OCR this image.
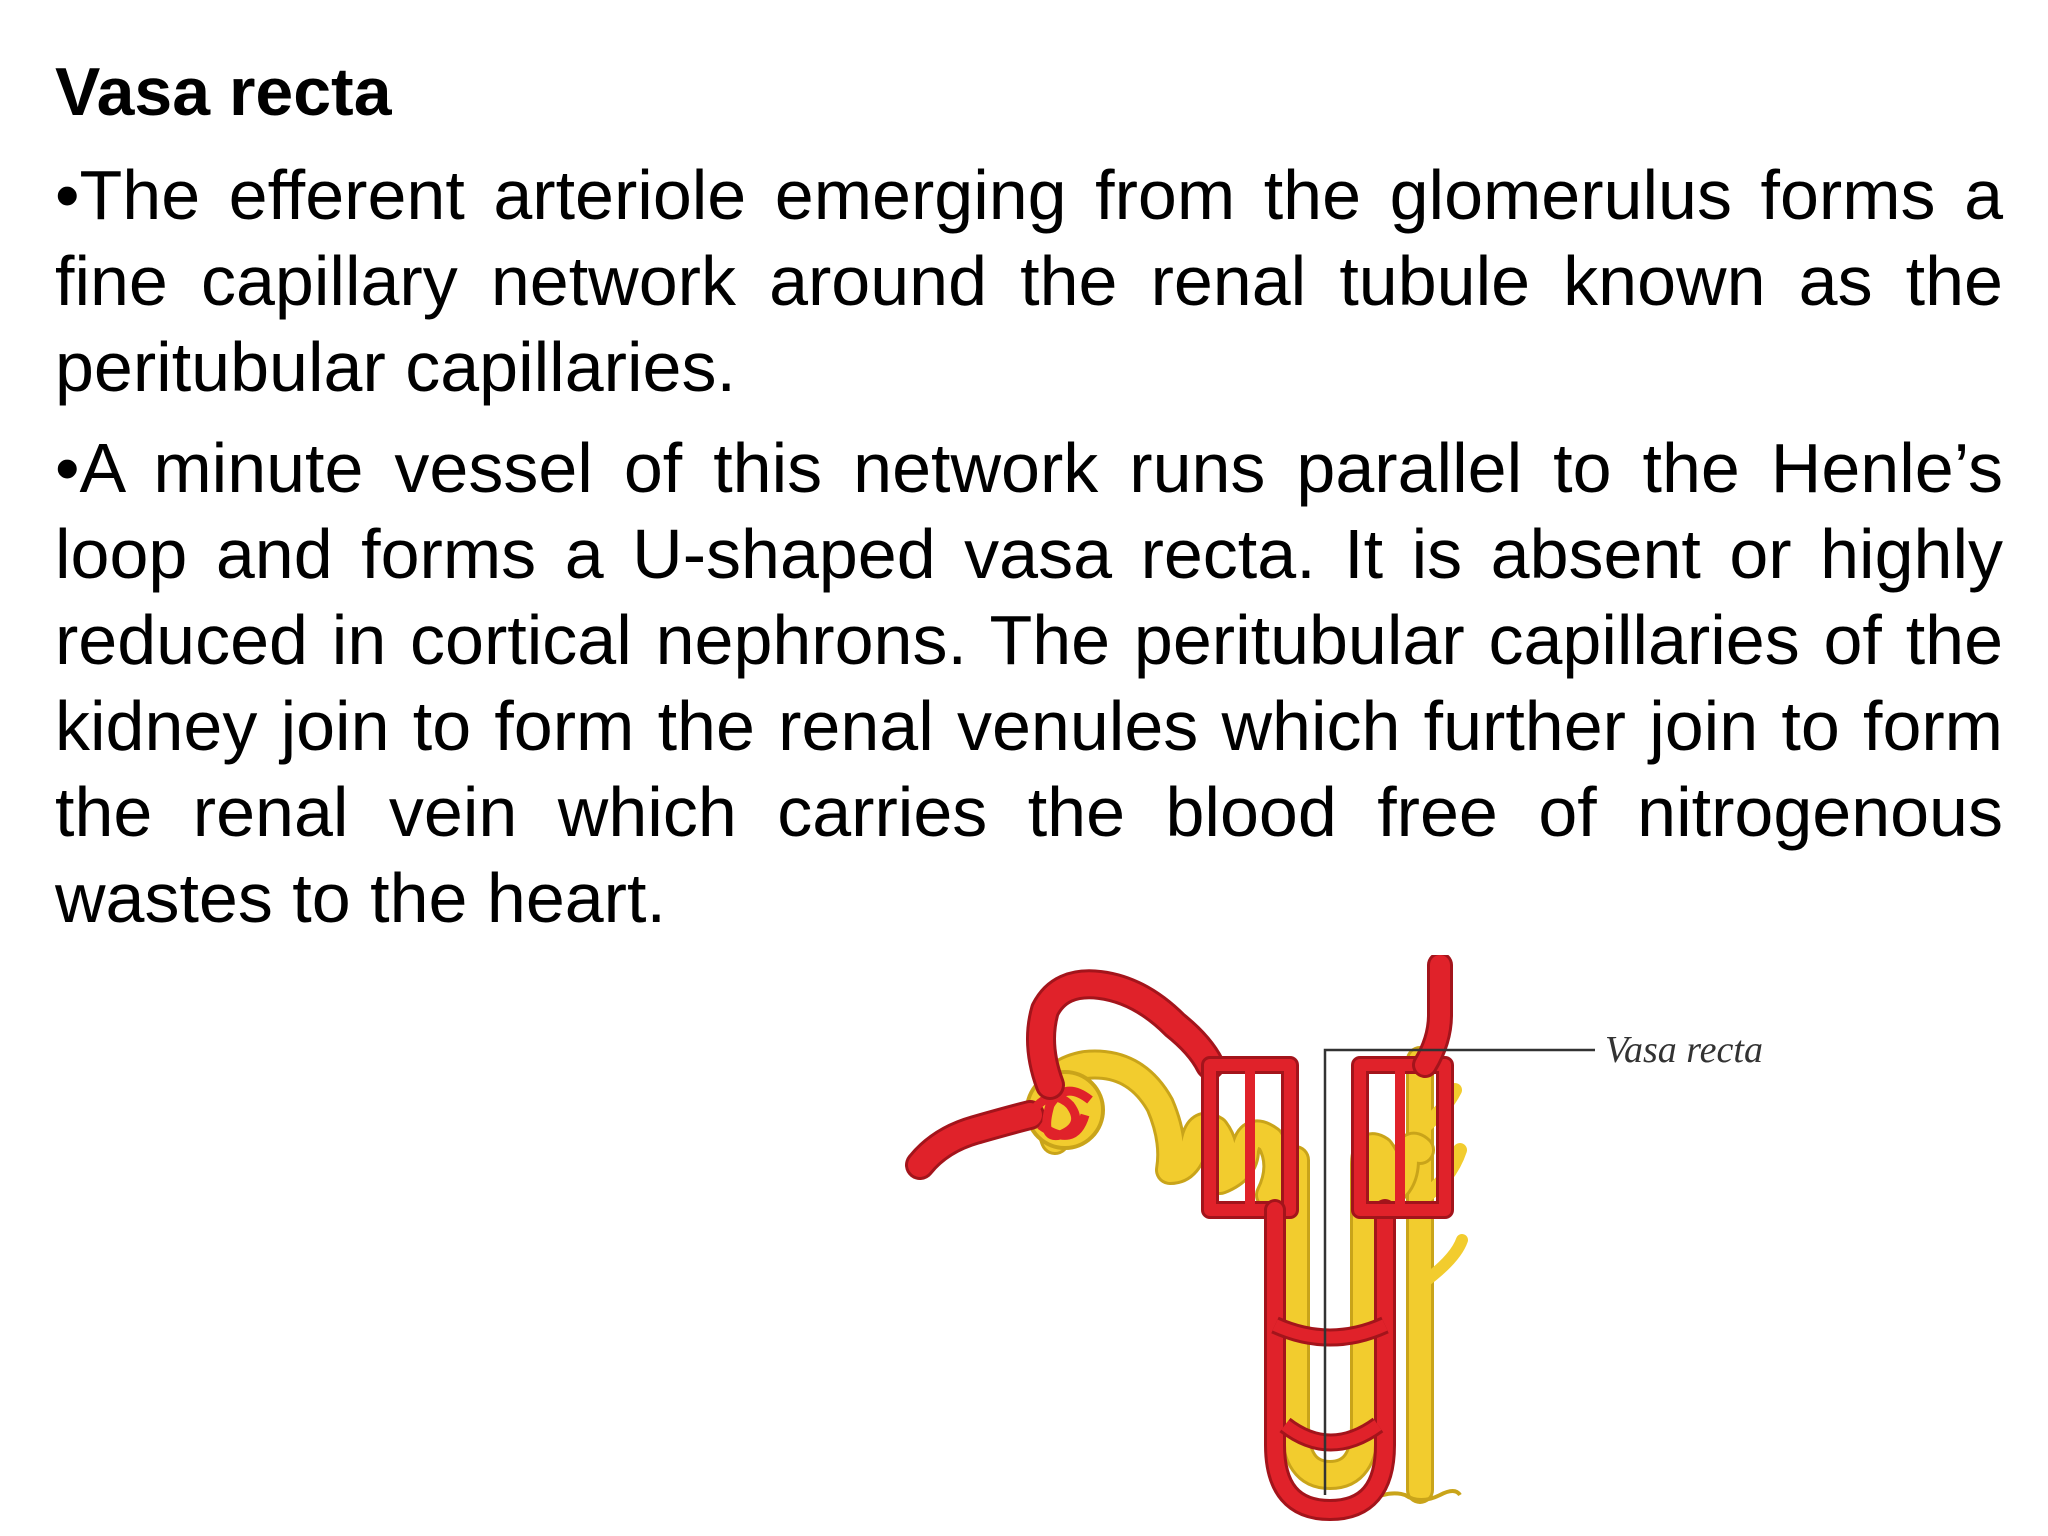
Vasa recta

•The efferent arteriole emerging from the glomerulus forms a fine capillary network around the renal tubule known as the peritubular capillaries.

•A minute vessel of this network runs parallel to the Henle’s loop and forms a U-shaped vasa recta. It is absent or highly reduced in cortical nephrons. The peritubular capillaries of the kidney join to form the renal venules which further join to form the renal vein which carries the blood free of nitrogenous wastes to the heart.

Vasa recta
